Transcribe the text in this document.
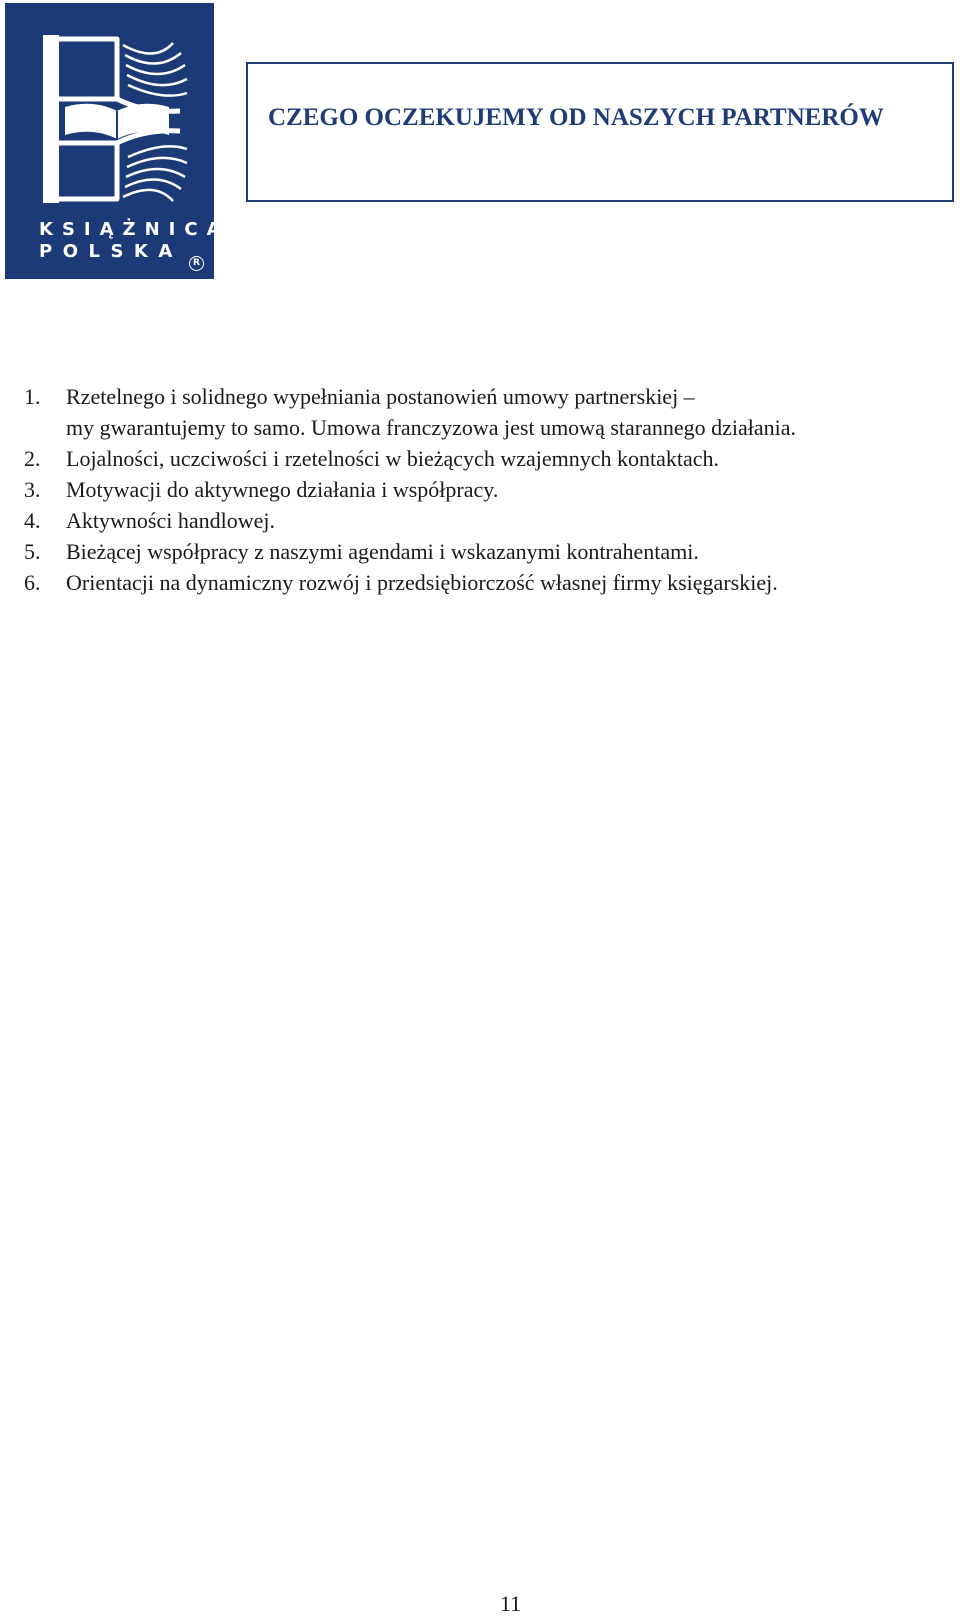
KSIĄŻNICA
POLSKA
R
CZEGO OCZEKUJEMY OD NASZYCH PARTNERÓW
1. Rzetelnego i solidnego wypełniania postanowień umowy partnerskiej –
my gwarantujemy to samo. Umowa franczyzowa jest umową starannego działania.
2. Lojalności, uczciwości i rzetelności w bieżących wzajemnych kontaktach.
3. Motywacji do aktywnego działania i współpracy.
4. Aktywności handlowej.
5. Bieżącej współpracy z naszymi agendami i wskazanymi kontrahentami.
6. Orientacji na dynamiczny rozwój i przedsiębiorczość własnej firmy księgarskiej.
11
